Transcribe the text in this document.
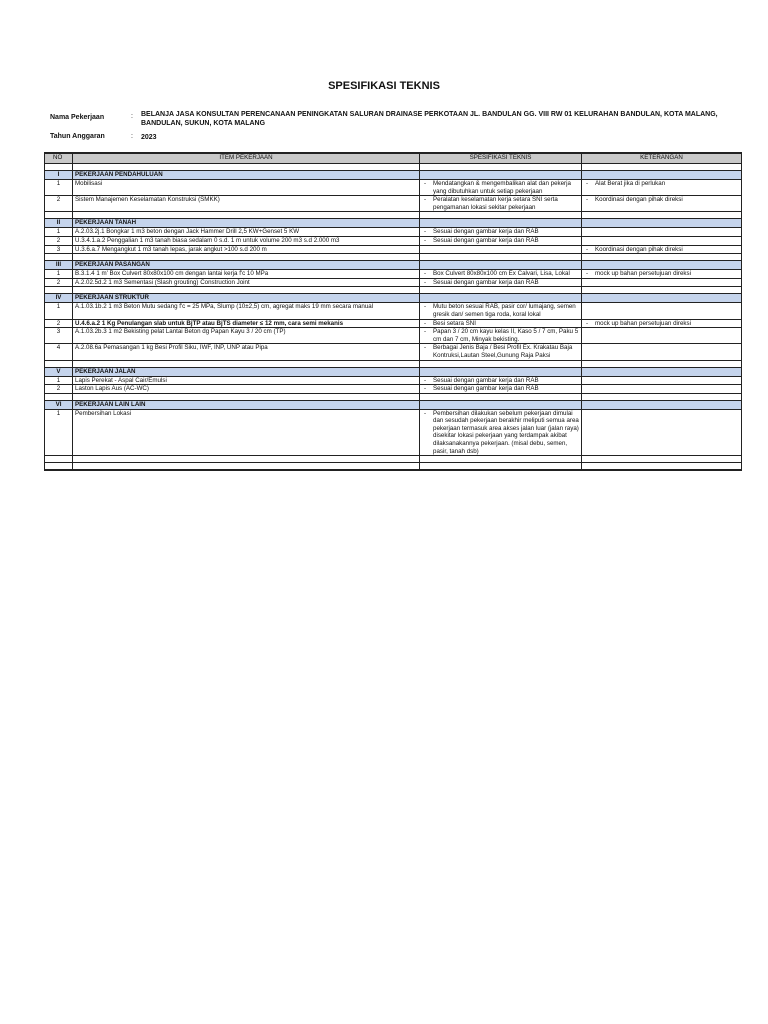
SPESIFIKASI TEKNIS
Nama Pekerjaan	: BELANJA JASA KONSULTAN PERENCANAAN PENINGKATAN SALURAN DRAINASE PERKOTAAN JL. BANDULAN GG. VIII RW 01 KELURAHAN BANDULAN, KOTA MALANG, BANDULAN, SUKUN, KOTA MALANG
Tahun Anggaran	: 2023
NO	ITEM PEKERJAAN	SPESIFIKASI TEKNIS	KETERANGAN

I	PEKERJAAN PENDAHULUAN		
1	Mobilisasi	- Mendatangkan & mengembalikan alat dan pekerja yang dibutuhkan untuk setiap pekerjaan	- Alat Berat jika di perlukan

2	Sistem Manajemen Keselamatan Konstruksi (SMKK)	- Peralatan keselamatan kerja setara SNI serta pengamanan lokasi sekitar pekerjaan	- Koordinasi dengan pihak direksi

II	PEKERJAAN TANAH		
1	A.2.03.2j.1 Bongkar 1 m3 beton dengan Jack Hammer Drill 2,5 KW+Genset 5 KW	- Sesuai dengan gambar kerja dan RAB	

2	U.3.4.1.a.2 Penggalian 1 m3 tanah biasa sedalam 0 s.d. 1 m untuk volume 200 m3 s.d 2.000 m3	- Sesuai dengan gambar kerja dan RAB	

3	U.3.6.a.7 Mengangkut 1 m3 tanah lepas, jarak angkut >100 s.d 200 m		- Koordinasi dengan pihak direksi

III	PEKERJAAN PASANGAN		
1	B.3.1.4 1 m' Box Culvert 80x80x100 cm dengan lantai kerja f'c 10 MPa	- Box Culvert 80x80x100 cm Ex Calvari, Lisa, Lokal	- mock up bahan persetujuan direksi

2	A.2.02.5d.2 1 m3 Sementasi (Slash grouting) Construction Joint	- Sesuai dengan gambar kerja dan RAB	

IV	PEKERJAAN STRUKTUR		
1	A.1.03.1b.2 1 m3 Beton Mutu sedang f'c = 25 MPa, Slump (10±2,5) cm, agregat maks 19 mm secara manual	- Mutu beton sesuai RAB, pasir cor/ lumajang, semen gresik dan/ semen tiga roda, koral lokal	

2	U.4.6.a.2 1 Kg Penulangan slab untuk BjTP atau BjTS diameter ≤ 12 mm, cara semi mekanis	- Besi setara SNI	- mock up bahan persetujuan direksi

3	A.1.03.2b.3 1 m2 Bekisting pelat Lantai Beton dg Papan Kayu 3 / 20 cm (TP)	- Papan 3 / 20 cm kayu kelas II, Kaso 5 / 7 cm, Paku 5 cm dan 7 cm, Minyak bekisting.	

4	A.2.08.6a Pemasangan 1 kg Besi Profil Siku, IWF, INP, UNP atau Pipa	- Berbagai Jenis Baja / Besi Profil Ex. Krakatau Baja Kontruksi,Lautan Steel,Gunung Raja Paksi	

V	PEKERJAAN JALAN		
1	Lapis Perekat - Aspal Cair/Emulsi	- Sesuai dengan gambar kerja dan RAB	

2	Laston Lapis Aus (AC-WC)	- Sesuai dengan gambar kerja dan RAB	

VI	PEKERJAAN LAIN LAIN		
1	Pembersihan Lokasi	- Pembersihan dilakukan sebelum pekerjaan dimulai dan sesudah pekerjaan berakhir meliputi semua area pekerjaan termasuk area akses jalan luar (jalan raya) disekitar lokasi pekerjaan yang terdampak akibat dilaksanakannya pekerjaan. (misal debu, semen, pasir, tanah dsb)	
